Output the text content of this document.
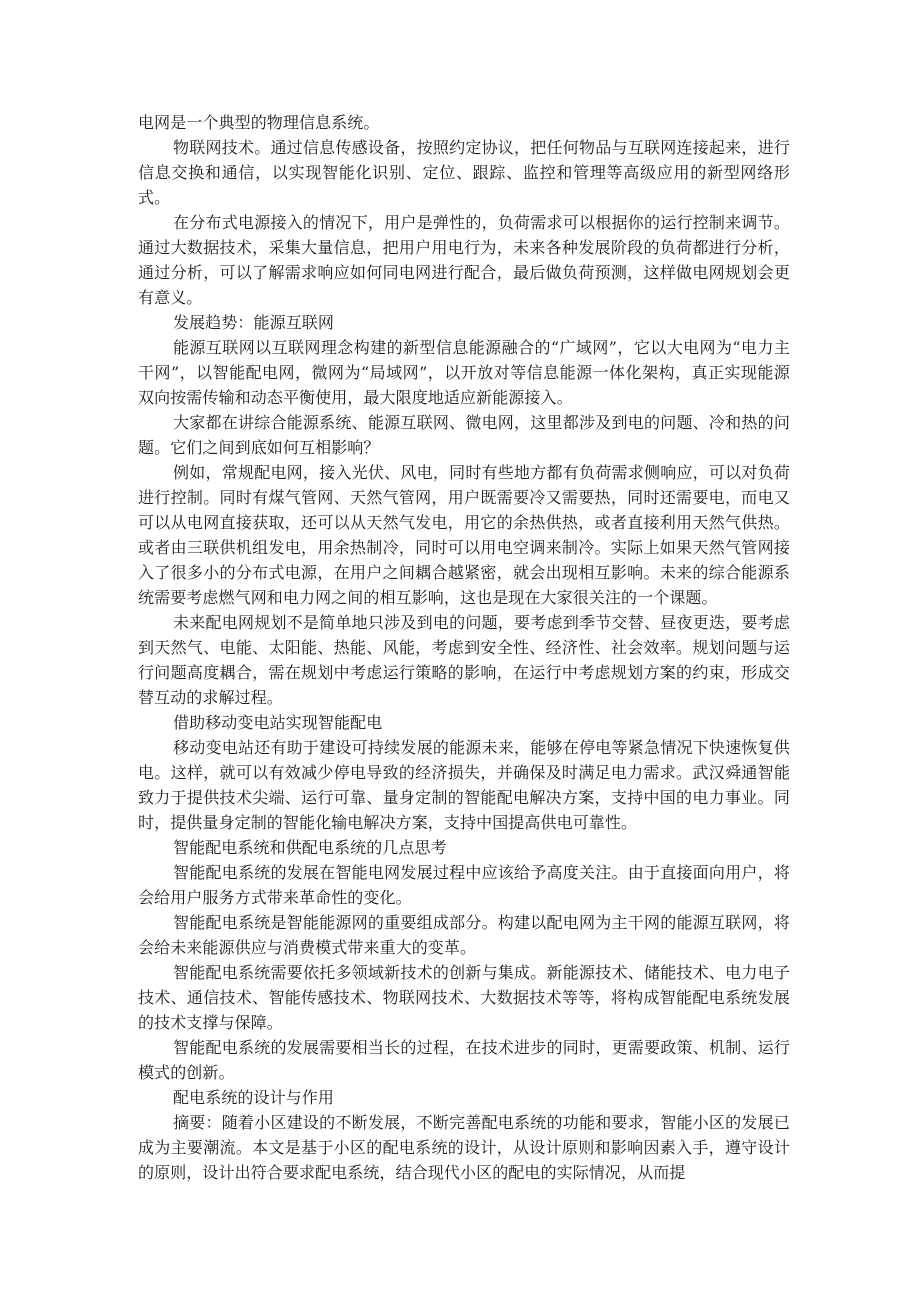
电网是一个典型的物理信息系统。

物联网技术。通过信息传感设备，按照约定协议，把任何物品与互联网连接起来，进行信息交换和通信，以实现智能化识别、定位、跟踪、监控和管理等高级应用的新型网络形式。

在分布式电源接入的情况下，用户是弹性的，负荷需求可以根据你的运行控制来调节。通过大数据技术，采集大量信息，把用户用电行为，未来各种发展阶段的负荷都进行分析，通过分析，可以了解需求响应如何同电网进行配合，最后做负荷预测，这样做电网规划会更有意义。

发展趋势：能源互联网

能源互联网以互联网理念构建的新型信息能源融合的“广域网”，它以大电网为“电力主干网”，以智能配电网，微网为“局域网”，以开放对等信息能源一体化架构，真正实现能源双向按需传输和动态平衡使用，最大限度地适应新能源接入。

大家都在讲综合能源系统、能源互联网、微电网，这里都涉及到电的问题、冷和热的问题。它们之间到底如何互相影响？

例如，常规配电网，接入光伏、风电，同时有些地方都有负荷需求侧响应，可以对负荷进行控制。同时有煤气管网、天然气管网，用户既需要冷又需要热，同时还需要电，而电又可以从电网直接获取，还可以从天然气发电，用它的余热供热，或者直接利用天然气供热。或者由三联供机组发电，用余热制冷，同时可以用电空调来制冷。实际上如果天然气管网接入了很多小的分布式电源，在用户之间耦合越紧密，就会出现相互影响。未来的综合能源系统需要考虑燃气网和电力网之间的相互影响，这也是现在大家很关注的一个课题。

未来配电网规划不是简单地只涉及到电的问题，要考虑到季节交替、昼夜更迭，要考虑到天然气、电能、太阳能、热能、风能，考虑到安全性、经济性、社会效率。规划问题与运行问题高度耦合，需在规划中考虑运行策略的影响，在运行中考虑规划方案的约束，形成交替互动的求解过程。

借助移动变电站实现智能配电

移动变电站还有助于建设可持续发展的能源未来，能够在停电等紧急情况下快速恢复供电。这样，就可以有效减少停电导致的经济损失，并确保及时满足电力需求。武汉舜通智能致力于提供技术尖端、运行可靠、量身定制的智能配电解决方案，支持中国的电力事业。同时，提供量身定制的智能化输电解决方案，支持中国提高供电可靠性。

智能配电系统和供配电系统的几点思考

智能配电系统的发展在智能电网发展过程中应该给予高度关注。由于直接面向用户，将会给用户服务方式带来革命性的变化。

智能配电系统是智能能源网的重要组成部分。构建以配电网为主干网的能源互联网，将会给未来能源供应与消费模式带来重大的变革。

智能配电系统需要依托多领域新技术的创新与集成。新能源技术、储能技术、电力电子技术、通信技术、智能传感技术、物联网技术、大数据技术等等，将构成智能配电系统发展的技术支撑与保障。

智能配电系统的发展需要相当长的过程，在技术进步的同时，更需要政策、机制、运行模式的创新。

配电系统的设计与作用

摘要：随着小区建设的不断发展，不断完善配电系统的功能和要求，智能小区的发展已成为主要潮流。本文是基于小区的配电系统的设计，从设计原则和影响因素入手，遵守设计的原则，设计出符合要求配电系统，结合现代小区的配电的实际情况，从而提
